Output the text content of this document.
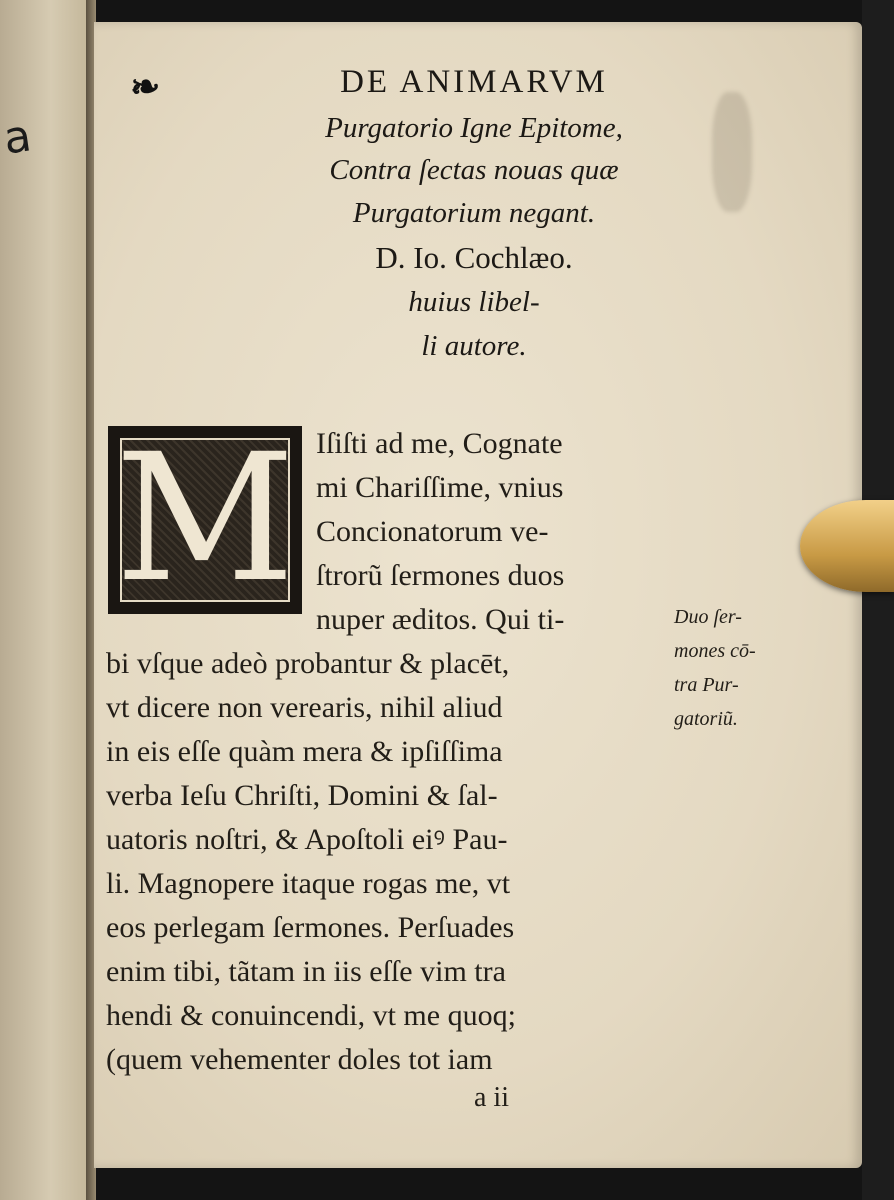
a
❧	DE ANIMARVM
Purgatorio Igne Epitome,
Contra ſectas nouas quæ
Purgatorium negant.
D. Io. Cochlæo.
huius libel-
li autore.
M Iſiſti ad me, Cognate
mi Chariſſime, vnius
Concionatorum ve-
ſtrorũ ſermones duos
nuper æditos. Qui ti-
bi vſque adeò probantur & placēt,
vt dicere non verearis, nihil aliud
in eis eſſe quàm mera & ipſiſſima
verba Ieſu Chriſti, Domini & ſal-
uatoris noſtri, & Apoſtoli eiꝰ Pau-
li. Magnopere itaque rogas me, vt
eos perlegam ſermones. Perſuades
enim tibi, tãtam in iis eſſe vim tra
hendi & conuincendi, vt me quoq;
(quem vehementer doles tot iam
Duo ſer-
mones cō-
tra Pur-
gatoriũ.
a ii
